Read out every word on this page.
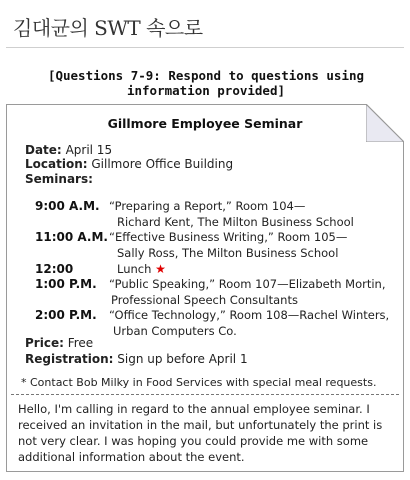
김대균의 SWT 속으로
[Questions 7-9: Respond to questions using information provided]
Gillmore Employee Seminar
Date: April 15
Location: Gillmore Office Building
Seminars:
9:00 A.M. “Preparing a Report,” Room 104—
Richard Kent, The Milton Business School
11:00 A.M. “Effective Business Writing,” Room 105—
Sally Ross, The Milton Business School
12:00	Lunch ★
1:00 P.M. “Public Speaking,” Room 107—Elizabeth Mortin,
Professional Speech Consultants
2:00 P.M. “Office Technology,” Room 108—Rachel Winters,
Urban Computers Co.
Price: Free
Registration: Sign up before April 1
* Contact Bob Milky in Food Services with special meal requests.
Hello, I'm calling in regard to the annual employee seminar. I received an invitation in the mail, but unfortunately the print is not very clear. I was hoping you could provide me with some additional information about the event.
